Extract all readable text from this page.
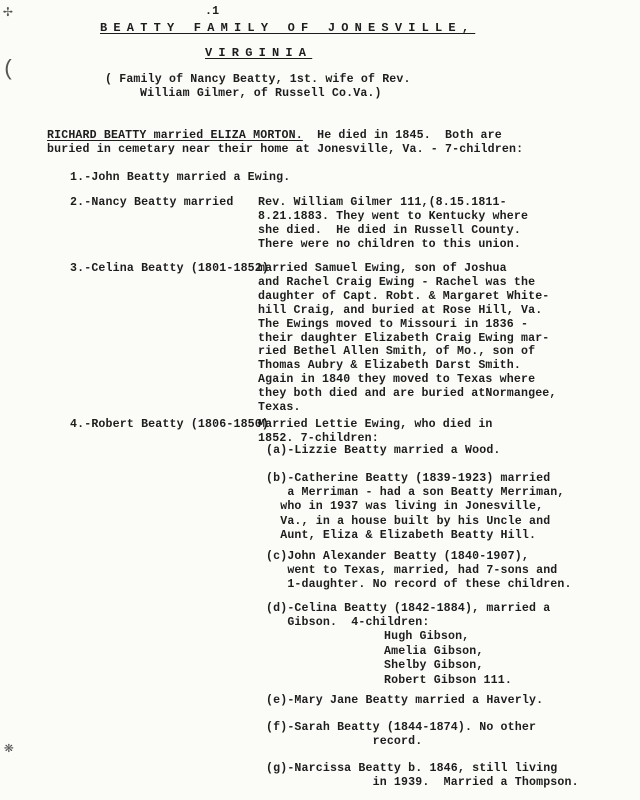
.1
BEATTY FAMILY OF JONESVILLE,
VIRGINIA
( Family of Nancy Beatty, 1st. wife of Rev.
William Gilmer, of Russell Co.Va.)
RICHARD BEATTY married ELIZA MORTON.  He died in 1845.  Both are
buried in cemetary near their home at Jonesville, Va. - 7-children:
1.-John Beatty married a Ewing.
2.-Nancy Beatty married Rev. William Gilmer 111,(8.15.1811-
8.21.1883. They went to Kentucky where
she died.  He died in Russell County.
There were no children to this union.
3.-Celina Beatty (1801-1852)
married Samuel Ewing, son of Joshua
and Rachel Craig Ewing - Rachel was the
daughter of Capt. Robt. & Margaret White-
hill Craig, and buried at Rose Hill, Va.
The Ewings moved to Missouri in 1836 -
their daughter Elizabeth Craig Ewing mar-
ried Bethel Allen Smith, of Mo., son of
Thomas Aubry & Elizabeth Darst Smith.
Again in 1840 they moved to Texas where
they both died and are buried atNormangee,
Texas.
4.-Robert Beatty (1806-1850)
Married Lettie Ewing, who died in
1852. 7-children:
(a)-Lizzie Beatty married a Wood.
(b)-Catherine Beatty (1839-1923) married
a Merriman - had a son Beatty Merriman,
who in 1937 was living in Jonesville,
Va., in a house built by his Uncle and
Aunt, Eliza & Elizabeth Beatty Hill.
(c)John Alexander Beatty (1840-1907),
went to Texas, married, had 7-sons and
1-daughter. No record of these children.
(d)-Celina Beatty (1842-1884), married a
Gibson.  4-children:
(e)-Mary Jane Beatty married a Haverly.
(f)-Sarah Beatty (1844-1874). No other
record.
(g)-Narcissa Beatty b. 1846, still living
in 1939.  Married a Thompson.
Hugh Gibson,
Amelia Gibson,
Shelby Gibson,
Robert Gibson 111.
✢
(
❋
